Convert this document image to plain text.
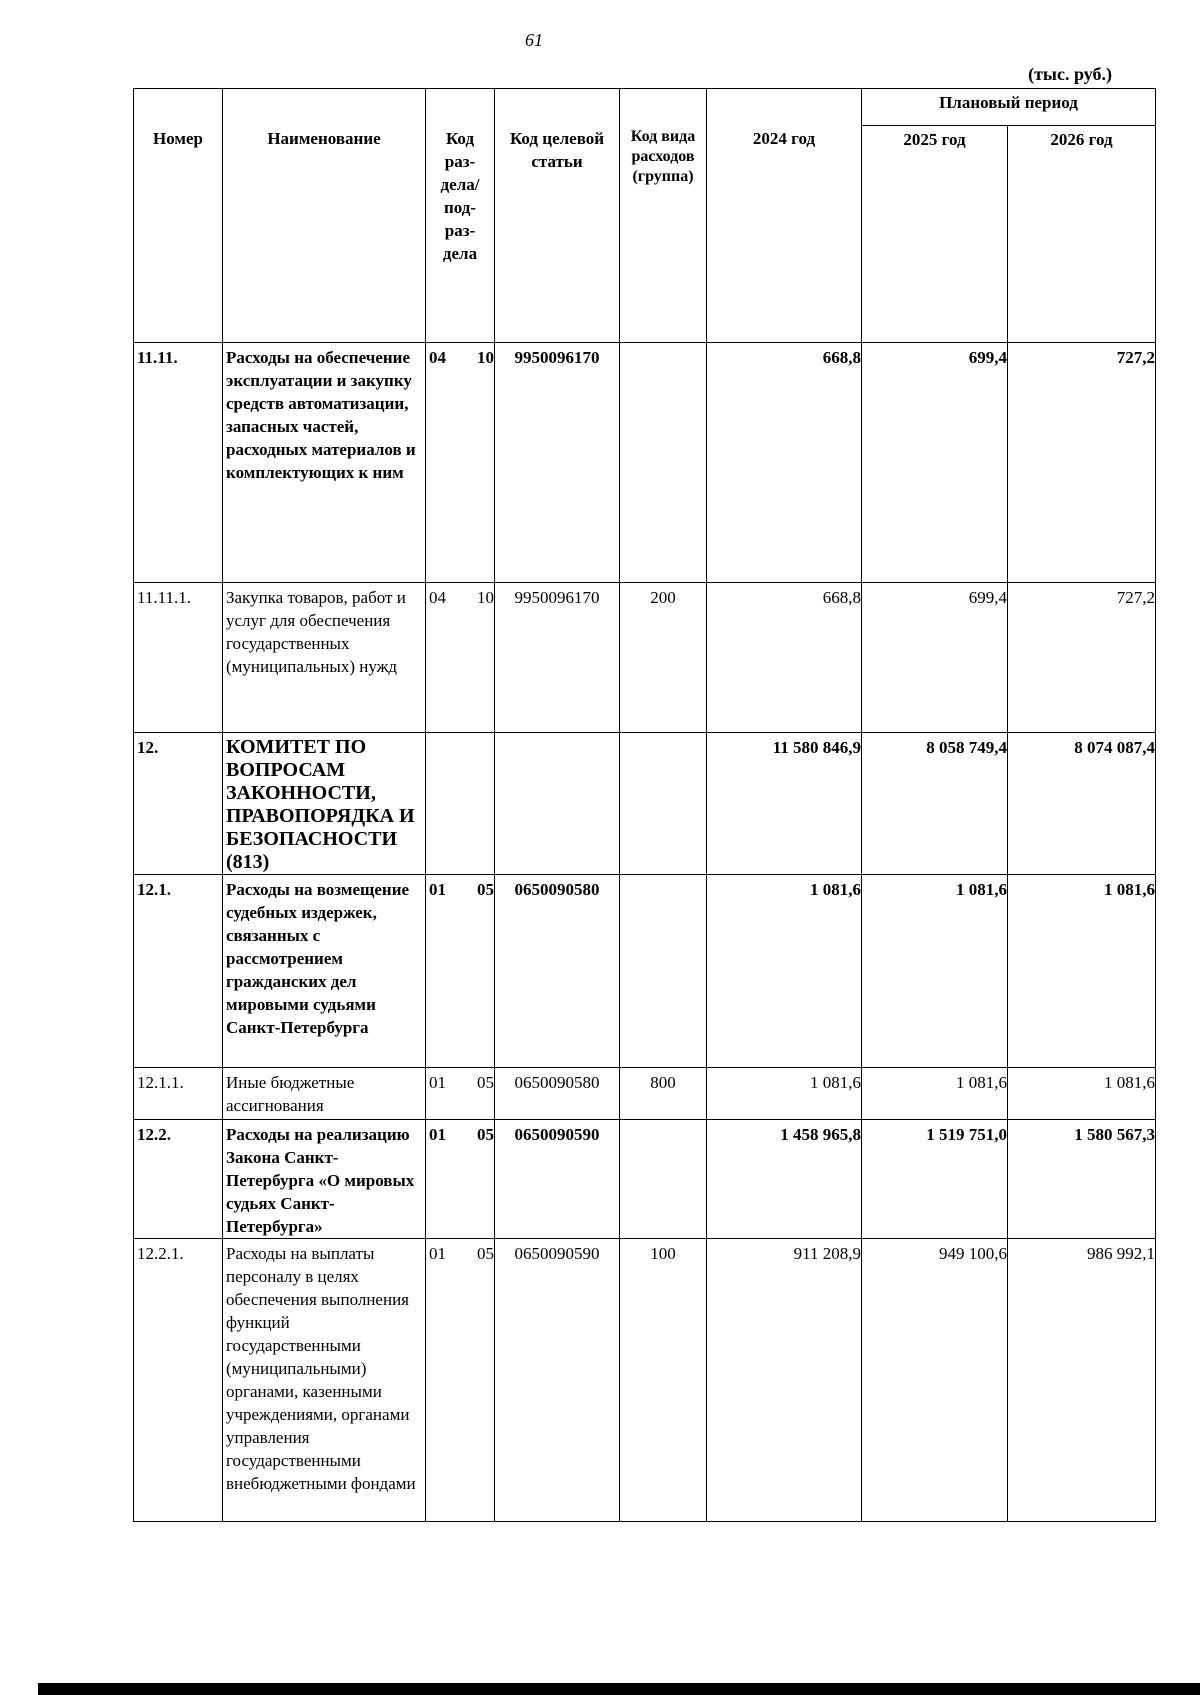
61
(тыс. руб.)
Номер	Наименование	Код раз-дела/ под-раз-дела	Код целевой статьи	Код вида расходов (группа)	2024 год	Плановый период	
						2025 год	2026 год
11.11.	Расходы на обеспечение эксплуатации и закупку средств автоматизации, запасных частей, расходных материалов и комплектующих к ним	04 10	9950096170		668,8	699,4	727,2
11.11.1.	Закупка товаров, работ и услуг для обеспечения государственных (муниципальных) нужд	04 10	9950096170	200	668,8	699,4	727,2
12.	КОМИТЕТ ПО ВОПРОСАМ ЗАКОННОСТИ, ПРАВОПОРЯДКА И БЕЗОПАСНОСТИ (813)				11 580 846,9	8 058 749,4	8 074 087,4
12.1.	Расходы на возмещение судебных издержек, связанных с рассмотрением гражданских дел мировыми судьями Санкт-Петербурга	01 05	0650090580		1 081,6	1 081,6	1 081,6
12.1.1.	Иные бюджетные ассигнования	01 05	0650090580	800	1 081,6	1 081,6	1 081,6
12.2.	Расходы на реализацию Закона Санкт-Петербурга «О мировых судьях Санкт-Петербурга»	01 05	0650090590		1 458 965,8	1 519 751,0	1 580 567,3
12.2.1.	Расходы на выплаты персоналу в целях обеспечения выполнения функций государственными (муниципальными) органами, казенными учреждениями, органами управления государственными внебюджетными фондами	01 05	0650090590	100	911 208,9	949 100,6	986 992,1
